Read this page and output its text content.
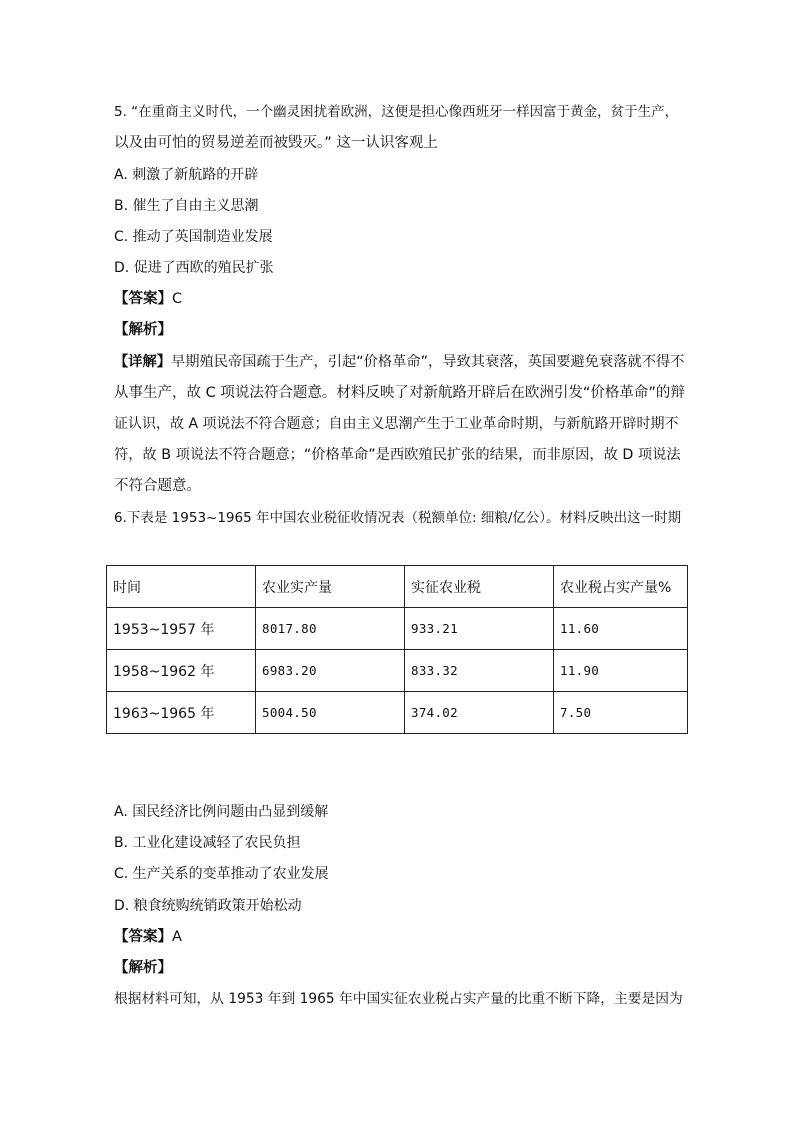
5. “在重商主义时代，一个幽灵困扰着欧洲，这便是担心像西班牙一样因富于黄金，贫于生产，
以及由可怕的贸易逆差而被毁灭。” 这一认识客观上
A. 刺激了新航路的开辟
B. 催生了自由主义思潮
C. 推动了英国制造业发展
D. 促进了西欧的殖民扩张
【答案】C
【解析】
【详解】早期殖民帝国疏于生产，引起“价格革命”，导致其衰落，英国要避免衰落就不得不
从事生产，故 C 项说法符合题意。材料反映了对新航路开辟后在欧洲引发“价格革命”的辩
证认识，故 A 项说法不符合题意；自由主义思潮产生于工业革命时期，与新航路开辟时期不
符，故 B 项说法不符合题意；“价格革命”是西欧殖民扩张的结果，而非原因，故 D 项说法
不符合题意。
6.下表是 1953~1965 年中国农业税征收情况表（税额单位: 细粮/亿公）。材料反映出这一时期
时间	农业实产量	实征农业税	农业税占实产量%
1953~1957 年	8017.80	933.21	11.60
1958~1962 年	6983.20	833.32	11.90
1963~1965 年	5004.50	374.02	7.50
A. 国民经济比例问题由凸显到缓解
B. 工业化建设减轻了农民负担
C. 生产关系的变革推动了农业发展
D. 粮食统购统销政策开始松动
【答案】A
【解析】
根据材料可知，从 1953 年到 1965 年中国实征农业税占实产量的比重不断下降，主要是因为
